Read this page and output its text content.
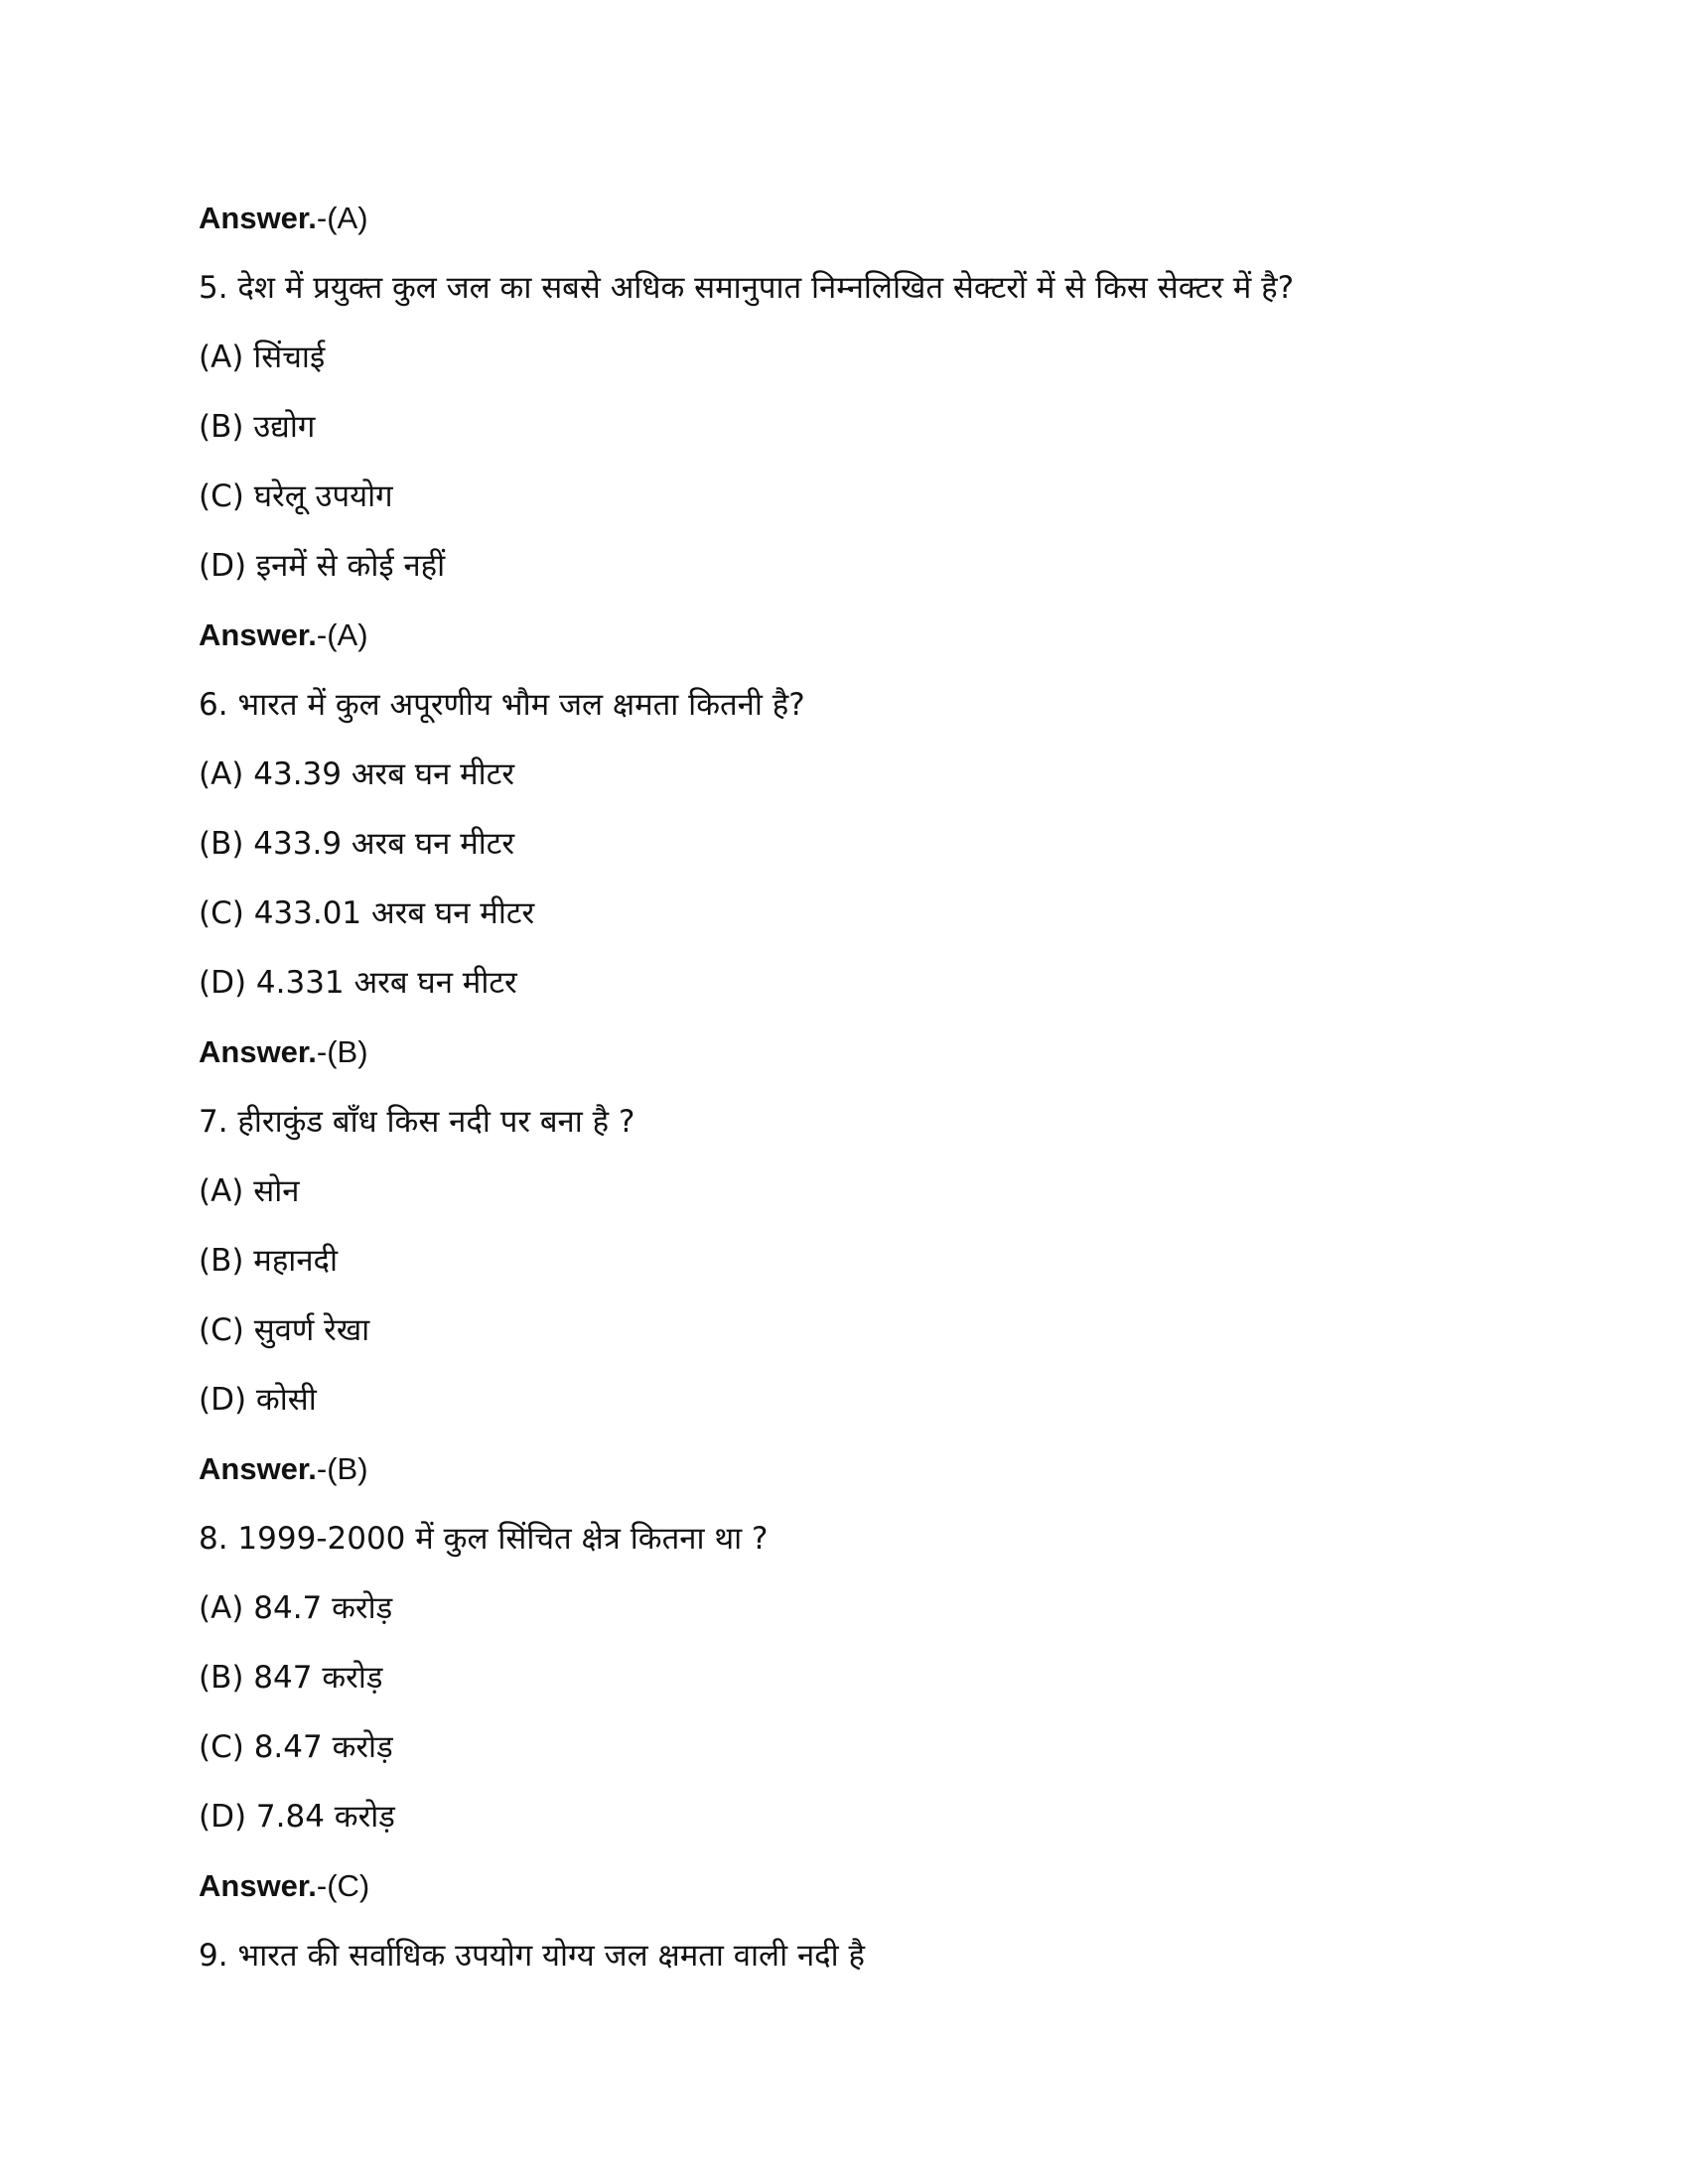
Answer.-(A)
5. देश में प्रयुक्त कुल जल का सबसे अधिक समानुपात निम्नलिखित सेक्टरों में से किस सेक्टर में है?
(A) सिंचाई
(B) उद्योग
(C) घरेलू उपयोग
(D) इनमें से कोई नहीं
Answer.-(A)
6. भारत में कुल अपूरणीय भौम जल क्षमता कितनी है?
(A) 43.39 अरब घन मीटर
(B) 433.9 अरब घन मीटर
(C) 433.01 अरब घन मीटर
(D) 4.331 अरब घन मीटर
Answer.-(B)
7. हीराकुंड बाँध किस नदी पर बना है ?
(A) सोन
(B) महानदी
(C) सुवर्ण रेखा
(D) कोसी
Answer.-(B)
8. 1999-2000 में कुल सिंचित क्षेत्र कितना था ?
(A) 84.7 करोड़
(B) 847 करोड़
(C) 8.47 करोड़
(D) 7.84 करोड़
Answer.-(C)
9. भारत की सर्वाधिक उपयोग योग्य जल क्षमता वाली नदी है
